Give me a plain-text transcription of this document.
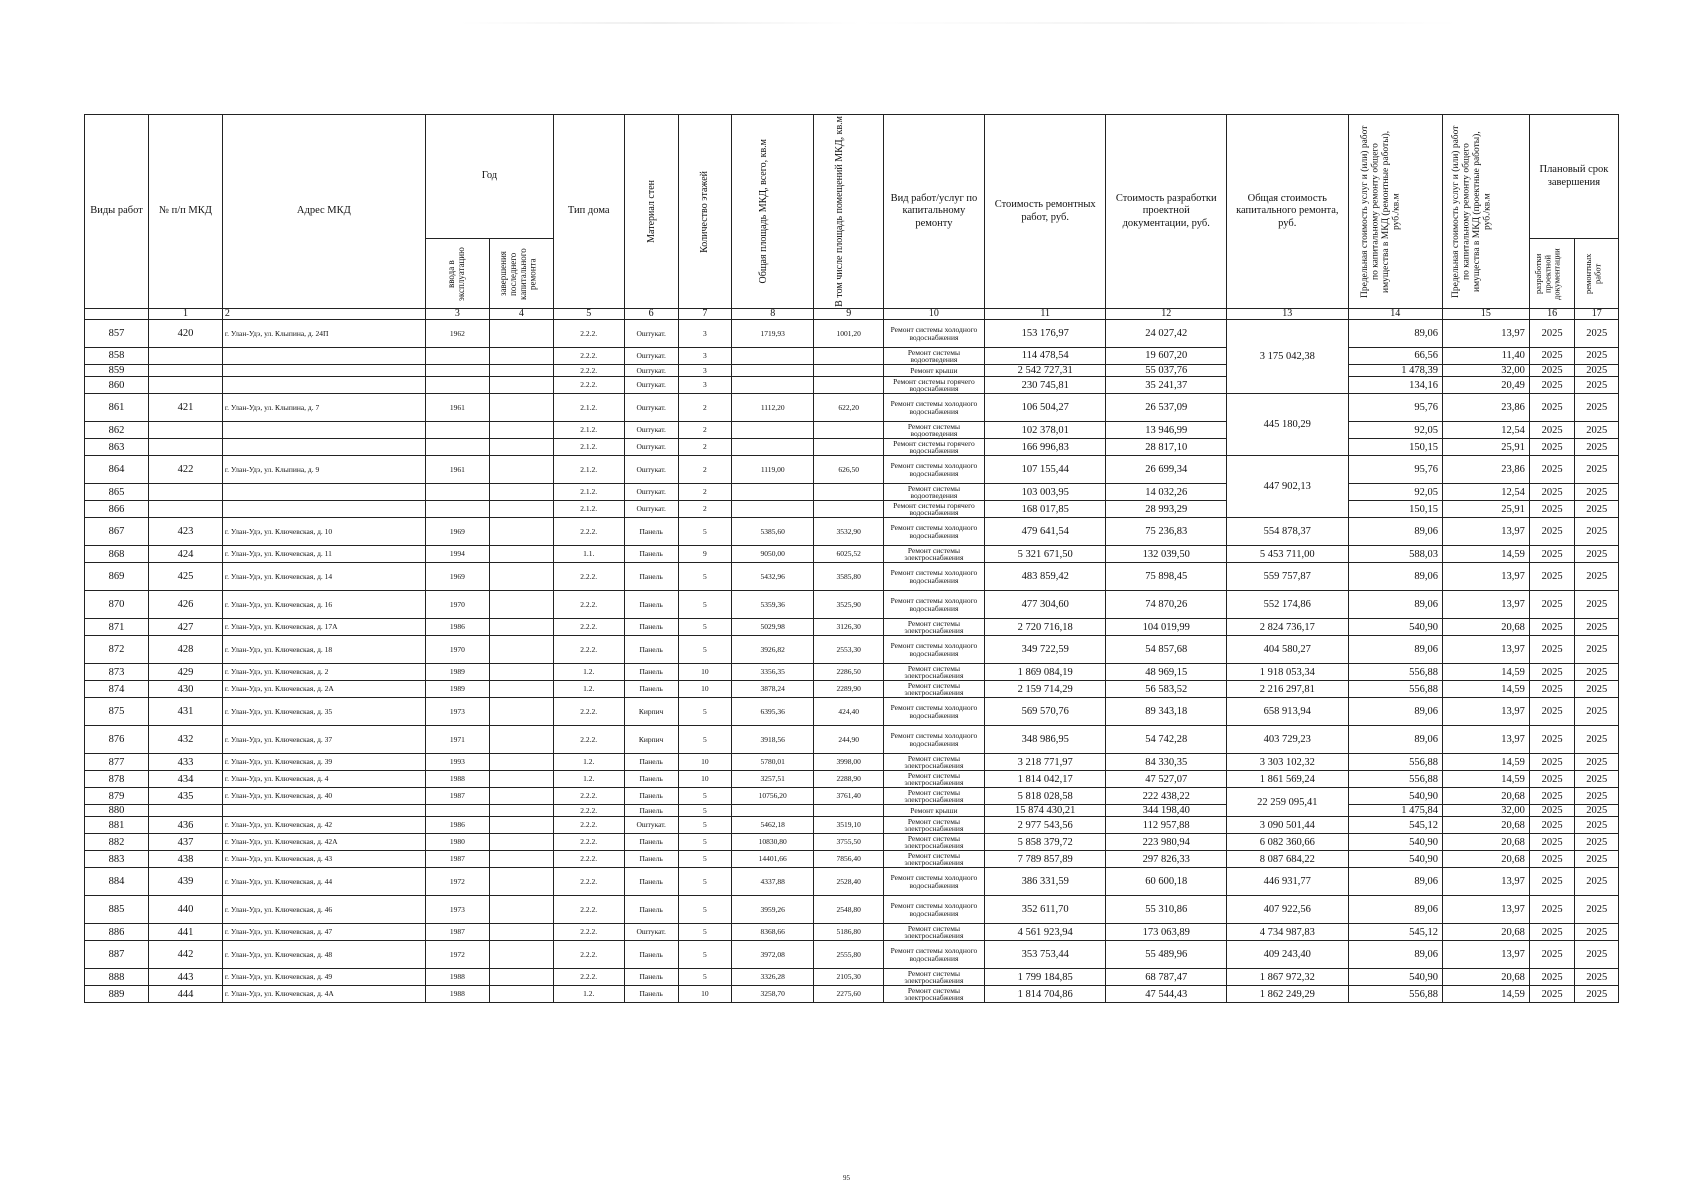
Виды работ	№ п/п МКД	Адрес МКД	Год		Тип дома	Материал стен	Количество этажей	Общая площадь МКД, всего, кв.м	В том числе площадь помещений МКД, кв.м	Вид работ/услуг по капитальному ремонту	Стоимость ремонтных работ, руб.	Стоимость разработки проектной документации, руб.	Общая стоимость капитального ремонта, руб.	Предельная стоимость услуг и (или) работ по капитальному ремонту общего имущества в МКД (ремонтные работы), руб./кв.м	Предельная стоимость услуг и (или) работ по капитальному ремонту общего имущества в МКД (проектные работы), руб./кв.м	Плановый срок завершения	

			ввода в эксплуатацию	завершения последнего капитального ремонта												разработки проектной документации	ремонтных работ

	1	2	3	4	5	6	7	8	9	10	11	12	13	14	15	16	17
857	420	г. Улан-Удэ, ул. Клыпина, д. 24П	1962		2.2.2.	Оштукат.	3	1719,93	1001,20	Ремонт системы холодного водоснабжения	153 176,97	24 027,42	3 175 042,38	89,06	13,97	2025	2025
858					2.2.2.	Оштукат.	3			Ремонт системы водоотведения	114 478,54	19 607,20		66,56	11,40	2025	2025
859					2.2.2.	Оштукат.	3			Ремонт крыши	2 542 727,31	55 037,76		1 478,39	32,00	2025	2025
860					2.2.2.	Оштукат.	3			Ремонт системы горячего водоснабжения	230 745,81	35 241,37		134,16	20,49	2025	2025
861	421	г. Улан-Удэ, ул. Клыпина, д. 7	1961		2.1.2.	Оштукат.	2	1112,20	622,20	Ремонт системы холодного водоснабжения	106 504,27	26 537,09	445 180,29	95,76	23,86	2025	2025
862					2.1.2.	Оштукат.	2			Ремонт системы водоотведения	102 378,01	13 946,99		92,05	12,54	2025	2025
863					2.1.2.	Оштукат.	2			Ремонт системы горячего водоснабжения	166 996,83	28 817,10		150,15	25,91	2025	2025
864	422	г. Улан-Удэ, ул. Клыпина, д. 9	1961		2.1.2.	Оштукат.	2	1119,00	626,50	Ремонт системы холодного водоснабжения	107 155,44	26 699,34	447 902,13	95,76	23,86	2025	2025
865					2.1.2.	Оштукат.	2			Ремонт системы водоотведения	103 003,95	14 032,26		92,05	12,54	2025	2025
866					2.1.2.	Оштукат.	2			Ремонт системы горячего водоснабжения	168 017,85	28 993,29		150,15	25,91	2025	2025
867	423	г. Улан-Удэ, ул. Ключевская, д. 10	1969		2.2.2.	Панель	5	5385,60	3532,90	Ремонт системы холодного водоснабжения	479 641,54	75 236,83	554 878,37	89,06	13,97	2025	2025
868	424	г. Улан-Удэ, ул. Ключевская, д. 11	1994		1.1.	Панель	9	9050,00	6025,52	Ремонт системы электроснабжения	5 321 671,50	132 039,50	5 453 711,00	588,03	14,59	2025	2025
869	425	г. Улан-Удэ, ул. Ключевская, д. 14	1969		2.2.2.	Панель	5	5432,96	3585,80	Ремонт системы холодного водоснабжения	483 859,42	75 898,45	559 757,87	89,06	13,97	2025	2025
870	426	г. Улан-Удэ, ул. Ключевская, д. 16	1970		2.2.2.	Панель	5	5359,36	3525,90	Ремонт системы холодного водоснабжения	477 304,60	74 870,26	552 174,86	89,06	13,97	2025	2025
871	427	г. Улан-Удэ, ул. Ключевская, д. 17А	1986		2.2.2.	Панель	5	5029,98	3126,30	Ремонт системы электроснабжения	2 720 716,18	104 019,99	2 824 736,17	540,90	20,68	2025	2025
872	428	г. Улан-Удэ, ул. Ключевская, д. 18	1970		2.2.2.	Панель	5	3926,82	2553,30	Ремонт системы холодного водоснабжения	349 722,59	54 857,68	404 580,27	89,06	13,97	2025	2025
873	429	г. Улан-Удэ, ул. Ключевская, д. 2	1989		1.2.	Панель	10	3356,35	2286,50	Ремонт системы электроснабжения	1 869 084,19	48 969,15	1 918 053,34	556,88	14,59	2025	2025
874	430	г. Улан-Удэ, ул. Ключевская, д. 2А	1989		1.2.	Панель	10	3878,24	2289,90	Ремонт системы электроснабжения	2 159 714,29	56 583,52	2 216 297,81	556,88	14,59	2025	2025
875	431	г. Улан-Удэ, ул. Ключевская, д. 35	1973		2.2.2.	Кирпич	5	6395,36	424,40	Ремонт системы холодного водоснабжения	569 570,76	89 343,18	658 913,94	89,06	13,97	2025	2025
876	432	г. Улан-Удэ, ул. Ключевская, д. 37	1971		2.2.2.	Кирпич	5	3918,56	244,90	Ремонт системы холодного водоснабжения	348 986,95	54 742,28	403 729,23	89,06	13,97	2025	2025
877	433	г. Улан-Удэ, ул. Ключевская, д. 39	1993		1.2.	Панель	10	5780,01	3998,00	Ремонт системы электроснабжения	3 218 771,97	84 330,35	3 303 102,32	556,88	14,59	2025	2025
878	434	г. Улан-Удэ, ул. Ключевская, д. 4	1988		1.2.	Панель	10	3257,51	2288,90	Ремонт системы электроснабжения	1 814 042,17	47 527,07	1 861 569,24	556,88	14,59	2025	2025
879	435	г. Улан-Удэ, ул. Ключевская, д. 40	1987		2.2.2.	Панель	5	10756,20	3761,40	Ремонт системы электроснабжения	5 818 028,58	222 438,22	22 259 095,41	540,90	20,68	2025	2025
880					2.2.2.	Панель	5			Ремонт крыши	15 874 430,21	344 198,40		1 475,84	32,00	2025	2025
881	436	г. Улан-Удэ, ул. Ключевская, д. 42	1986		2.2.2.	Оштукат.	5	5462,18	3519,10	Ремонт системы электроснабжения	2 977 543,56	112 957,88	3 090 501,44	545,12	20,68	2025	2025
882	437	г. Улан-Удэ, ул. Ключевская, д. 42А	1980		2.2.2.	Панель	5	10830,80	3755,50	Ремонт системы электроснабжения	5 858 379,72	223 980,94	6 082 360,66	540,90	20,68	2025	2025
883	438	г. Улан-Удэ, ул. Ключевская, д. 43	1987		2.2.2.	Панель	5	14401,66	7856,40	Ремонт системы электроснабжения	7 789 857,89	297 826,33	8 087 684,22	540,90	20,68	2025	2025
884	439	г. Улан-Удэ, ул. Ключевская, д. 44	1972		2.2.2.	Панель	5	4337,88	2528,40	Ремонт системы холодного водоснабжения	386 331,59	60 600,18	446 931,77	89,06	13,97	2025	2025
885	440	г. Улан-Удэ, ул. Ключевская, д. 46	1973		2.2.2.	Панель	5	3959,26	2548,80	Ремонт системы холодного водоснабжения	352 611,70	55 310,86	407 922,56	89,06	13,97	2025	2025
886	441	г. Улан-Удэ, ул. Ключевская, д. 47	1987		2.2.2.	Оштукат.	5	8368,66	5186,80	Ремонт системы электроснабжения	4 561 923,94	173 063,89	4 734 987,83	545,12	20,68	2025	2025
887	442	г. Улан-Удэ, ул. Ключевская, д. 48	1972		2.2.2.	Панель	5	3972,08	2555,80	Ремонт системы холодного водоснабжения	353 753,44	55 489,96	409 243,40	89,06	13,97	2025	2025
888	443	г. Улан-Удэ, ул. Ключевская, д. 49	1988		2.2.2.	Панель	5	3326,28	2105,30	Ремонт системы электроснабжения	1 799 184,85	68 787,47	1 867 972,32	540,90	20,68	2025	2025
889	444	г. Улан-Удэ, ул. Ключевская, д. 4А	1988		1.2.	Панель	10	3258,70	2275,60	Ремонт системы электроснабжения	1 814 704,86	47 544,43	1 862 249,29	556,88	14,59	2025	2025
95
